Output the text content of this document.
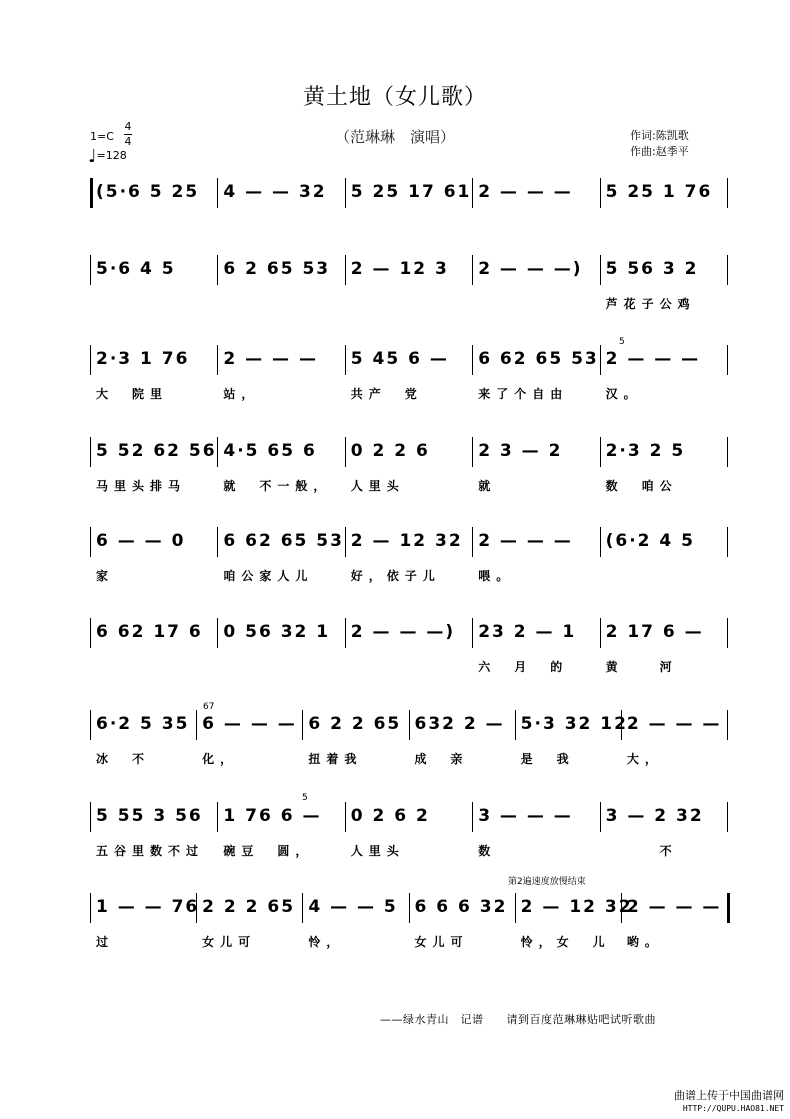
黄土地（女儿歌）
（范琳琳　演唱）	作词:陈凯歌
作曲:赵季平
1=C
4
4
♩=128
(5·6 5 25 4 — — 32 5 25 17 61 2 — — — 5 25 1 76
5·6 4 5	6 2 65 53 2 — 12 3 2 — — —) 5 56 3 2
芦花子公鸡
2·3 1 76
大　院里
2 — — —
站，
5 45 6 —
共产　党
6 62 65 53
来了个自由
2 — — —
汉。
5 52 62 56
马里头排马
4·5 65 6
就　不一般，
0 2 2 6
人里头
2 3 — 2
就
2·3 2 5
数　咱公
6 — — 0
家
6 62 65 53
咱公家人儿
2 — 12 32
好，依子儿
2 — — —
喂。
(6·2 4 5
6 62 17 6 0 56 32 1 2 — — —) 23 2 — 1
六　月　的
2 17 6 —
黄　　河
6·2 5 35
冰　不
6 — — —
化，
6 2 2 65
扭着我
632 2 —
成　亲
5·3 32 12
是　我
2 — — —
大，
5 55 3 56
五谷里数不过
1 76 6 —
碗豆　圆，
0 2 6 2
人里头
3 — — —
数
3 — 2 32
　　　不
1 — — 76
过
2 2 2 65
女儿可
4 — — 5
怜，
6 6 6 32
女儿可
2 — 12 32
怜，女　儿
2 — — —
哟。
5
67
5
第2遍速度放慢结束
——绿水青山　记谱　　请到百度范琳琳贴吧试听歌曲
曲谱上传于中国曲谱网
HTTP://QUPU.HAO81.NET
